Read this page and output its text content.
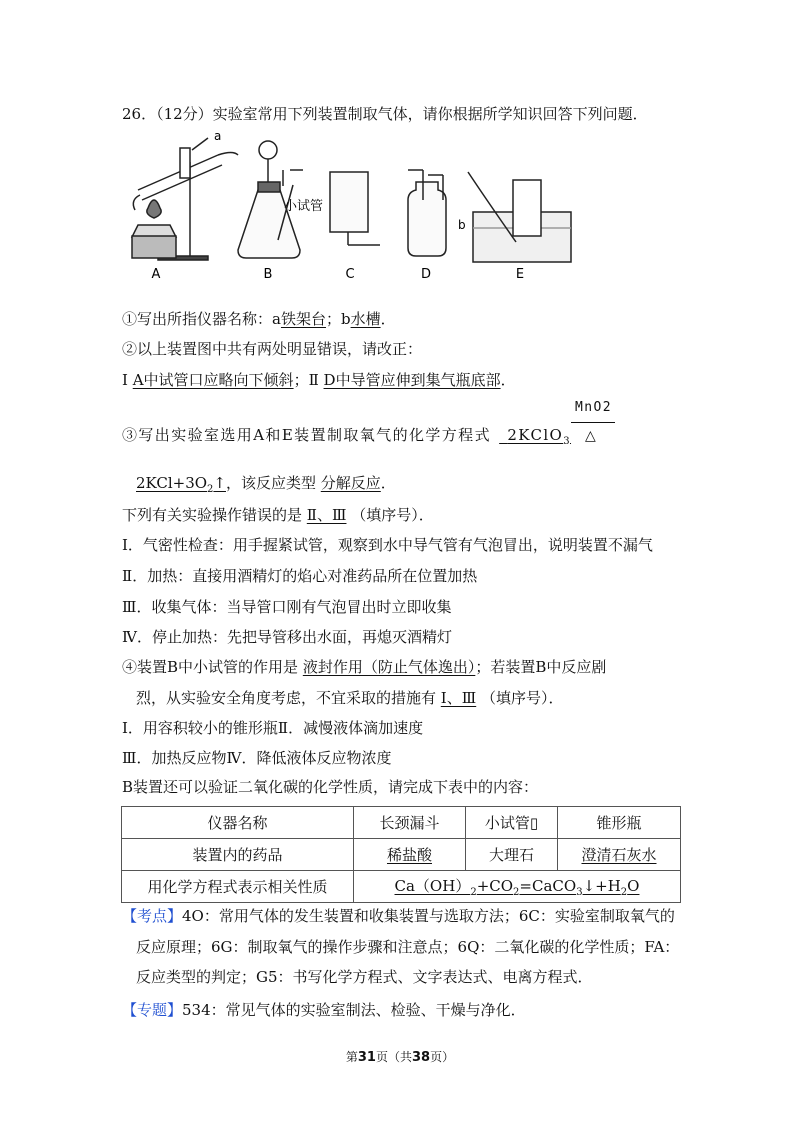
26．（12分）实验室常用下列装置制取气体，请你根据所学知识回答下列问题．
a
小试管
b
A	B	C	D	E
①写出所指仪器名称：a铁架台；b水槽．
②以上装置图中共有两处明显错误，请改正：
Ⅰ A中试管口应略向下倾斜；Ⅱ D中导管应伸到集气瓶底部．
③写出实验室选用A和E装置制取氧气的化学方程式 2KClO$_3$
$\frac{\text{MnO2}}{\triangle}$
$2KCl+3O_2↑$，该反应类型 分解反应．
下列有关实验操作错误的是 Ⅱ、Ⅲ （填序号）．
Ⅰ．气密性检查：用手握紧试管，观察到水中导气管有气泡冒出，说明装置不漏气
Ⅱ．加热：直接用酒精灯的焰心对准药品所在位置加热
Ⅲ．收集气体：当导管口刚有气泡冒出时立即收集
Ⅳ．停止加热：先把导管移出水面，再熄灭酒精灯
④装置B中小试管的作用是 液封作用（防止气体逸出）；若装置B中反应剧
烈，从实验安全角度考虑，不宜采取的措施有 Ⅰ、Ⅲ （填序号）．
Ⅰ．用容积较小的锥形瓶Ⅱ．减慢液体滴加速度
Ⅲ．加热反应物Ⅳ．降低液体反应物浓度
B装置还可以验证二氧化碳的化学性质，请完成下表中的内容：
仪器名称	长颈漏斗	小试管▯	锥形瓶
装置内的药品	稀盐酸	大理石	澄清石灰水
用化学方程式表示相关性质	$Ca(OH)_2+CO_2=CaCO_3↓+H_2O$		
【考点】4O：常用气体的发生装置和收集装置与选取方法；6C：实验室制取氧气的
反应原理；6G：制取氧气的操作步骤和注意点；6Q：二氧化碳的化学性质；FA：
反应类型的判定；G5：书写化学方程式、文字表达式、电离方程式．
【专题】534：常见气体的实验室制法、检验、干燥与净化．
第31页（共38页）
